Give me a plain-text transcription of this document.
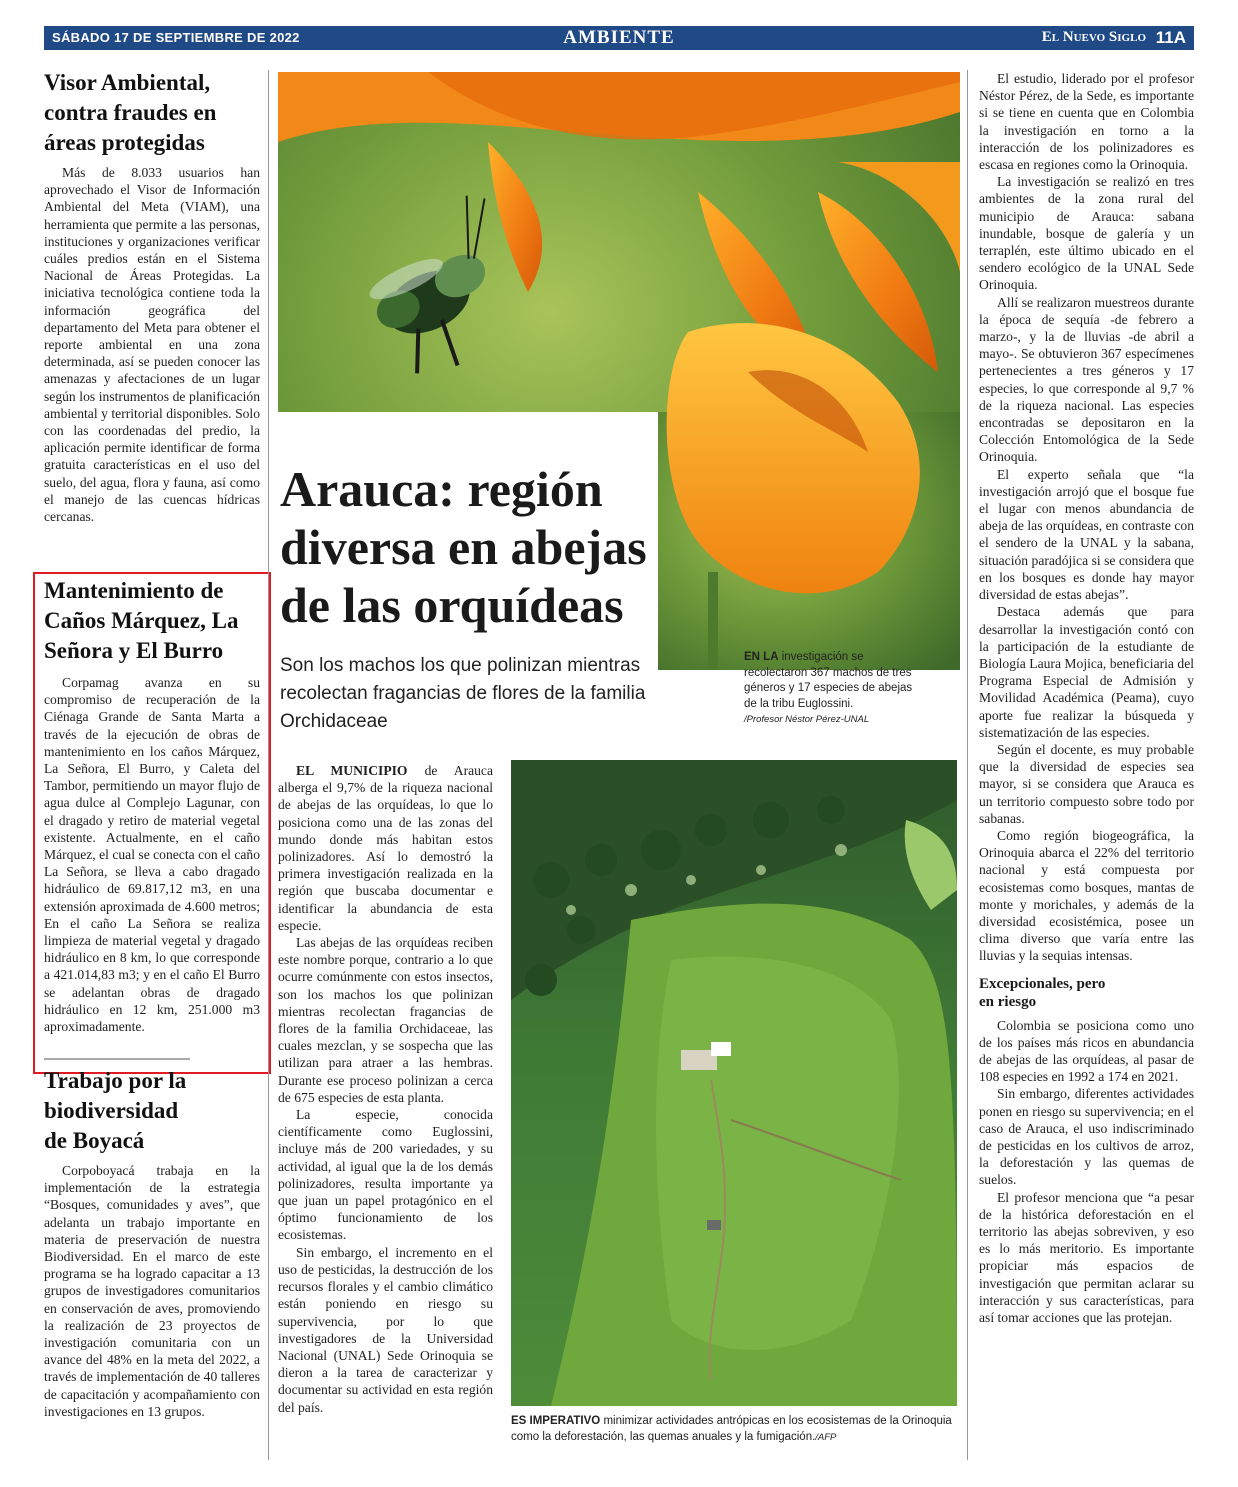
SÁBADO 17 DE SEPTIEMBRE DE 2022	AMBIENTE	El Nuevo Siglo 11A
Visor Ambiental, contra fraudes en áreas protegidas

Más de 8.033 usuarios han aprovechado el Visor de Información Ambiental del Meta (VIAM), una herramienta que permite a las personas, instituciones y organizaciones verificar cuáles predios están en el Sistema Nacional de Áreas Protegidas. La iniciativa tecnológica contiene toda la información geográfica del departamento del Meta para obtener el reporte ambiental en una zona determinada, así se pueden conocer las amenazas y afectaciones de un lugar según los instrumentos de planificación ambiental y territorial disponibles. Solo con las coordenadas del predio, la aplicación permite identificar de forma gratuita características en el uso del suelo, del agua, flora y fauna, así como el manejo de las cuencas hídricas cercanas.

Mantenimiento de Caños Márquez, La Señora y El Burro

Corpamag avanza en su compromiso de recuperación de la Ciénaga Grande de Santa Marta a través de la ejecución de obras de mantenimiento en los caños Márquez, La Señora, El Burro, y Caleta del Tambor, permitiendo un mayor flujo de agua dulce al Complejo Lagunar, con el dragado y retiro de material vegetal existente. Actualmente, en el caño Márquez, el cual se conecta con el caño La Señora, se lleva a cabo dragado hidráulico de 69.817,12 m3, en una extensión aproximada de 4.600 metros; En el caño La Señora se realiza limpieza de material vegetal y dragado hidráulico en 8 km, lo que corresponde a 421.014,83 m3; y en el caño El Burro se adelantan obras de dragado hidráulico en 12 km, 251.000 m3 aproximadamente.

Trabajo por la biodiversidad de Boyacá

Corpoboyacá trabaja en la implementación de la estrategia “Bosques, comunidades y aves”, que adelanta un trabajo importante en materia de preservación de nuestra Biodiversidad. En el marco de este programa se ha logrado capacitar a 13 grupos de investigadores comunitarios en conservación de aves, promoviendo la realización de 23 proyectos de investigación comunitaria con un avance del 48% en la meta del 2022, a través de implementación de 40 talleres de capacitación y acompañamiento con investigaciones en 13 grupos.

Arauca: región diversa en abejas de las orquídeas
Son los machos los que polinizan mientras recolectan fragancias de flores de la familia Orchidaceae
EN LA investigación se recolectaron 367 machos de tres géneros y 17 especies de abejas de la tribu Euglossini.
/Profesor Néstor Pérez-UNAL

EL MUNICIPIO de Arauca alberga el 9,7% de la riqueza nacional de abejas de las orquídeas, lo que lo posiciona como una de las zonas del mundo donde más habitan estos polinizadores. Así lo demostró la primera investigación realizada en la región que buscaba documentar e identificar la abundancia de esta especie.

Las abejas de las orquídeas reciben este nombre porque, contrario a lo que ocurre comúnmente con estos insectos, son los machos los que polinizan mientras recolectan fragancias de flores de la familia Orchidaceae, las cuales mezclan, y se sospecha que las utilizan para atraer a las hembras. Durante ese proceso polinizan a cerca de 675 especies de esta planta.

La especie, conocida científicamente como Euglossini, incluye más de 200 variedades, y su actividad, al igual que la de los demás polinizadores, resulta importante ya que juan un papel protagónico en el óptimo funcionamiento de los ecosistemas.

Sin embargo, el incremento en el uso de pesticidas, la destrucción de los recursos florales y el cambio climático están poniendo en riesgo su supervivencia, por lo que investigadores de la Universidad Nacional (UNAL) Sede Orinoquia se dieron a la tarea de caracterizar y documentar su actividad en esta región del país.

ES IMPERATIVO minimizar actividades antrópicas en los ecosistemas de la Orinoquia como la deforestación, las quemas anuales y la fumigación./AFP

El estudio, liderado por el profesor Néstor Pérez, de la Sede, es importante si se tiene en cuenta que en Colombia la investigación en torno a la interacción de los polinizadores es escasa en regiones como la Orinoquia.

La investigación se realizó en tres ambientes de la zona rural del municipio de Arauca: sabana inundable, bosque de galería y un terraplén, este último ubicado en el sendero ecológico de la UNAL Sede Orinoquia.

Allí se realizaron muestreos durante la época de sequía -de febrero a marzo-, y la de lluvias -de abril a mayo-. Se obtuvieron 367 especímenes pertenecientes a tres géneros y 17 especies, lo que corresponde al 9,7 % de la riqueza nacional. Las especies encontradas se depositaron en la Colección Entomológica de la Sede Orinoquia.

El experto señala que “la investigación arrojó que el bosque fue el lugar con menos abundancia de abeja de las orquídeas, en contraste con el sendero de la UNAL y la sabana, situación paradójica si se considera que en los bosques es donde hay mayor diversidad de estas abejas”.

Destaca además que para desarrollar la investigación contó con la participación de la estudiante de Biología Laura Mojica, beneficiaria del Programa Especial de Admisión y Movilidad Académica (Peama), cuyo aporte fue realizar la búsqueda y sistematización de las especies.

Según el docente, es muy probable que la diversidad de especies sea mayor, si se considera que Arauca es un territorio compuesto sobre todo por sabanas.

Como región biogeográfica, la Orinoquia abarca el 22% del territorio nacional y está compuesta por ecosistemas como bosques, mantas de monte y morichales, y además de la diversidad ecosistémica, posee un clima diverso que varía entre las lluvias y la sequias intensas.

Excepcionales, pero en riesgo

Colombia se posiciona como uno de los países más ricos en abundancia de abejas de las orquídeas, al pasar de 108 especies en 1992 a 174 en 2021.

Sin embargo, diferentes actividades ponen en riesgo su supervivencia; en el caso de Arauca, el uso indiscriminado de pesticidas en los cultivos de arroz, la deforestación y las quemas de suelos.

El profesor menciona que “a pesar de la histórica deforestación en el territorio las abejas sobreviven, y eso es lo más meritorio. Es importante propiciar más espacios de investigación que permitan aclarar su interacción y sus características, para así tomar acciones que las protejan.
